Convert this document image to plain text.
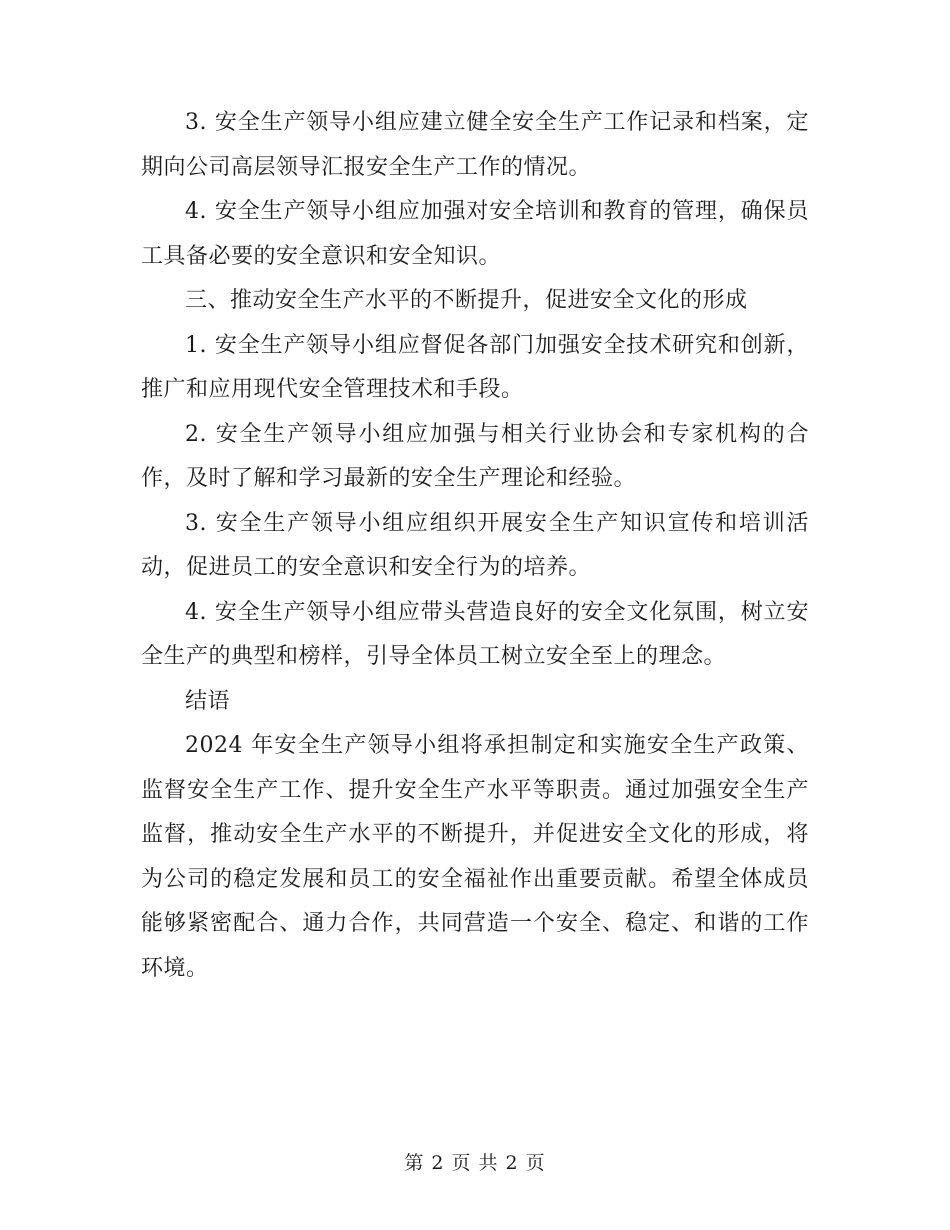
3. 安全生产领导小组应建立健全安全生产工作记录和档案，定期向公司高层领导汇报安全生产工作的情况。

4. 安全生产领导小组应加强对安全培训和教育的管理，确保员工具备必要的安全意识和安全知识。

三、推动安全生产水平的不断提升，促进安全文化的形成

1. 安全生产领导小组应督促各部门加强安全技术研究和创新，推广和应用现代安全管理技术和手段。

2. 安全生产领导小组应加强与相关行业协会和专家机构的合作，及时了解和学习最新的安全生产理论和经验。

3. 安全生产领导小组应组织开展安全生产知识宣传和培训活动，促进员工的安全意识和安全行为的培养。

4. 安全生产领导小组应带头营造良好的安全文化氛围，树立安全生产的典型和榜样，引导全体员工树立安全至上的理念。

结语

2024 年安全生产领导小组将承担制定和实施安全生产政策、监督安全生产工作、提升安全生产水平等职责。通过加强安全生产监督，推动安全生产水平的不断提升，并促进安全文化的形成，将为公司的稳定发展和员工的安全福祉作出重要贡献。希望全体成员能够紧密配合、通力合作，共同营造一个安全、稳定、和谐的工作环境。

第 2 页 共 2 页
